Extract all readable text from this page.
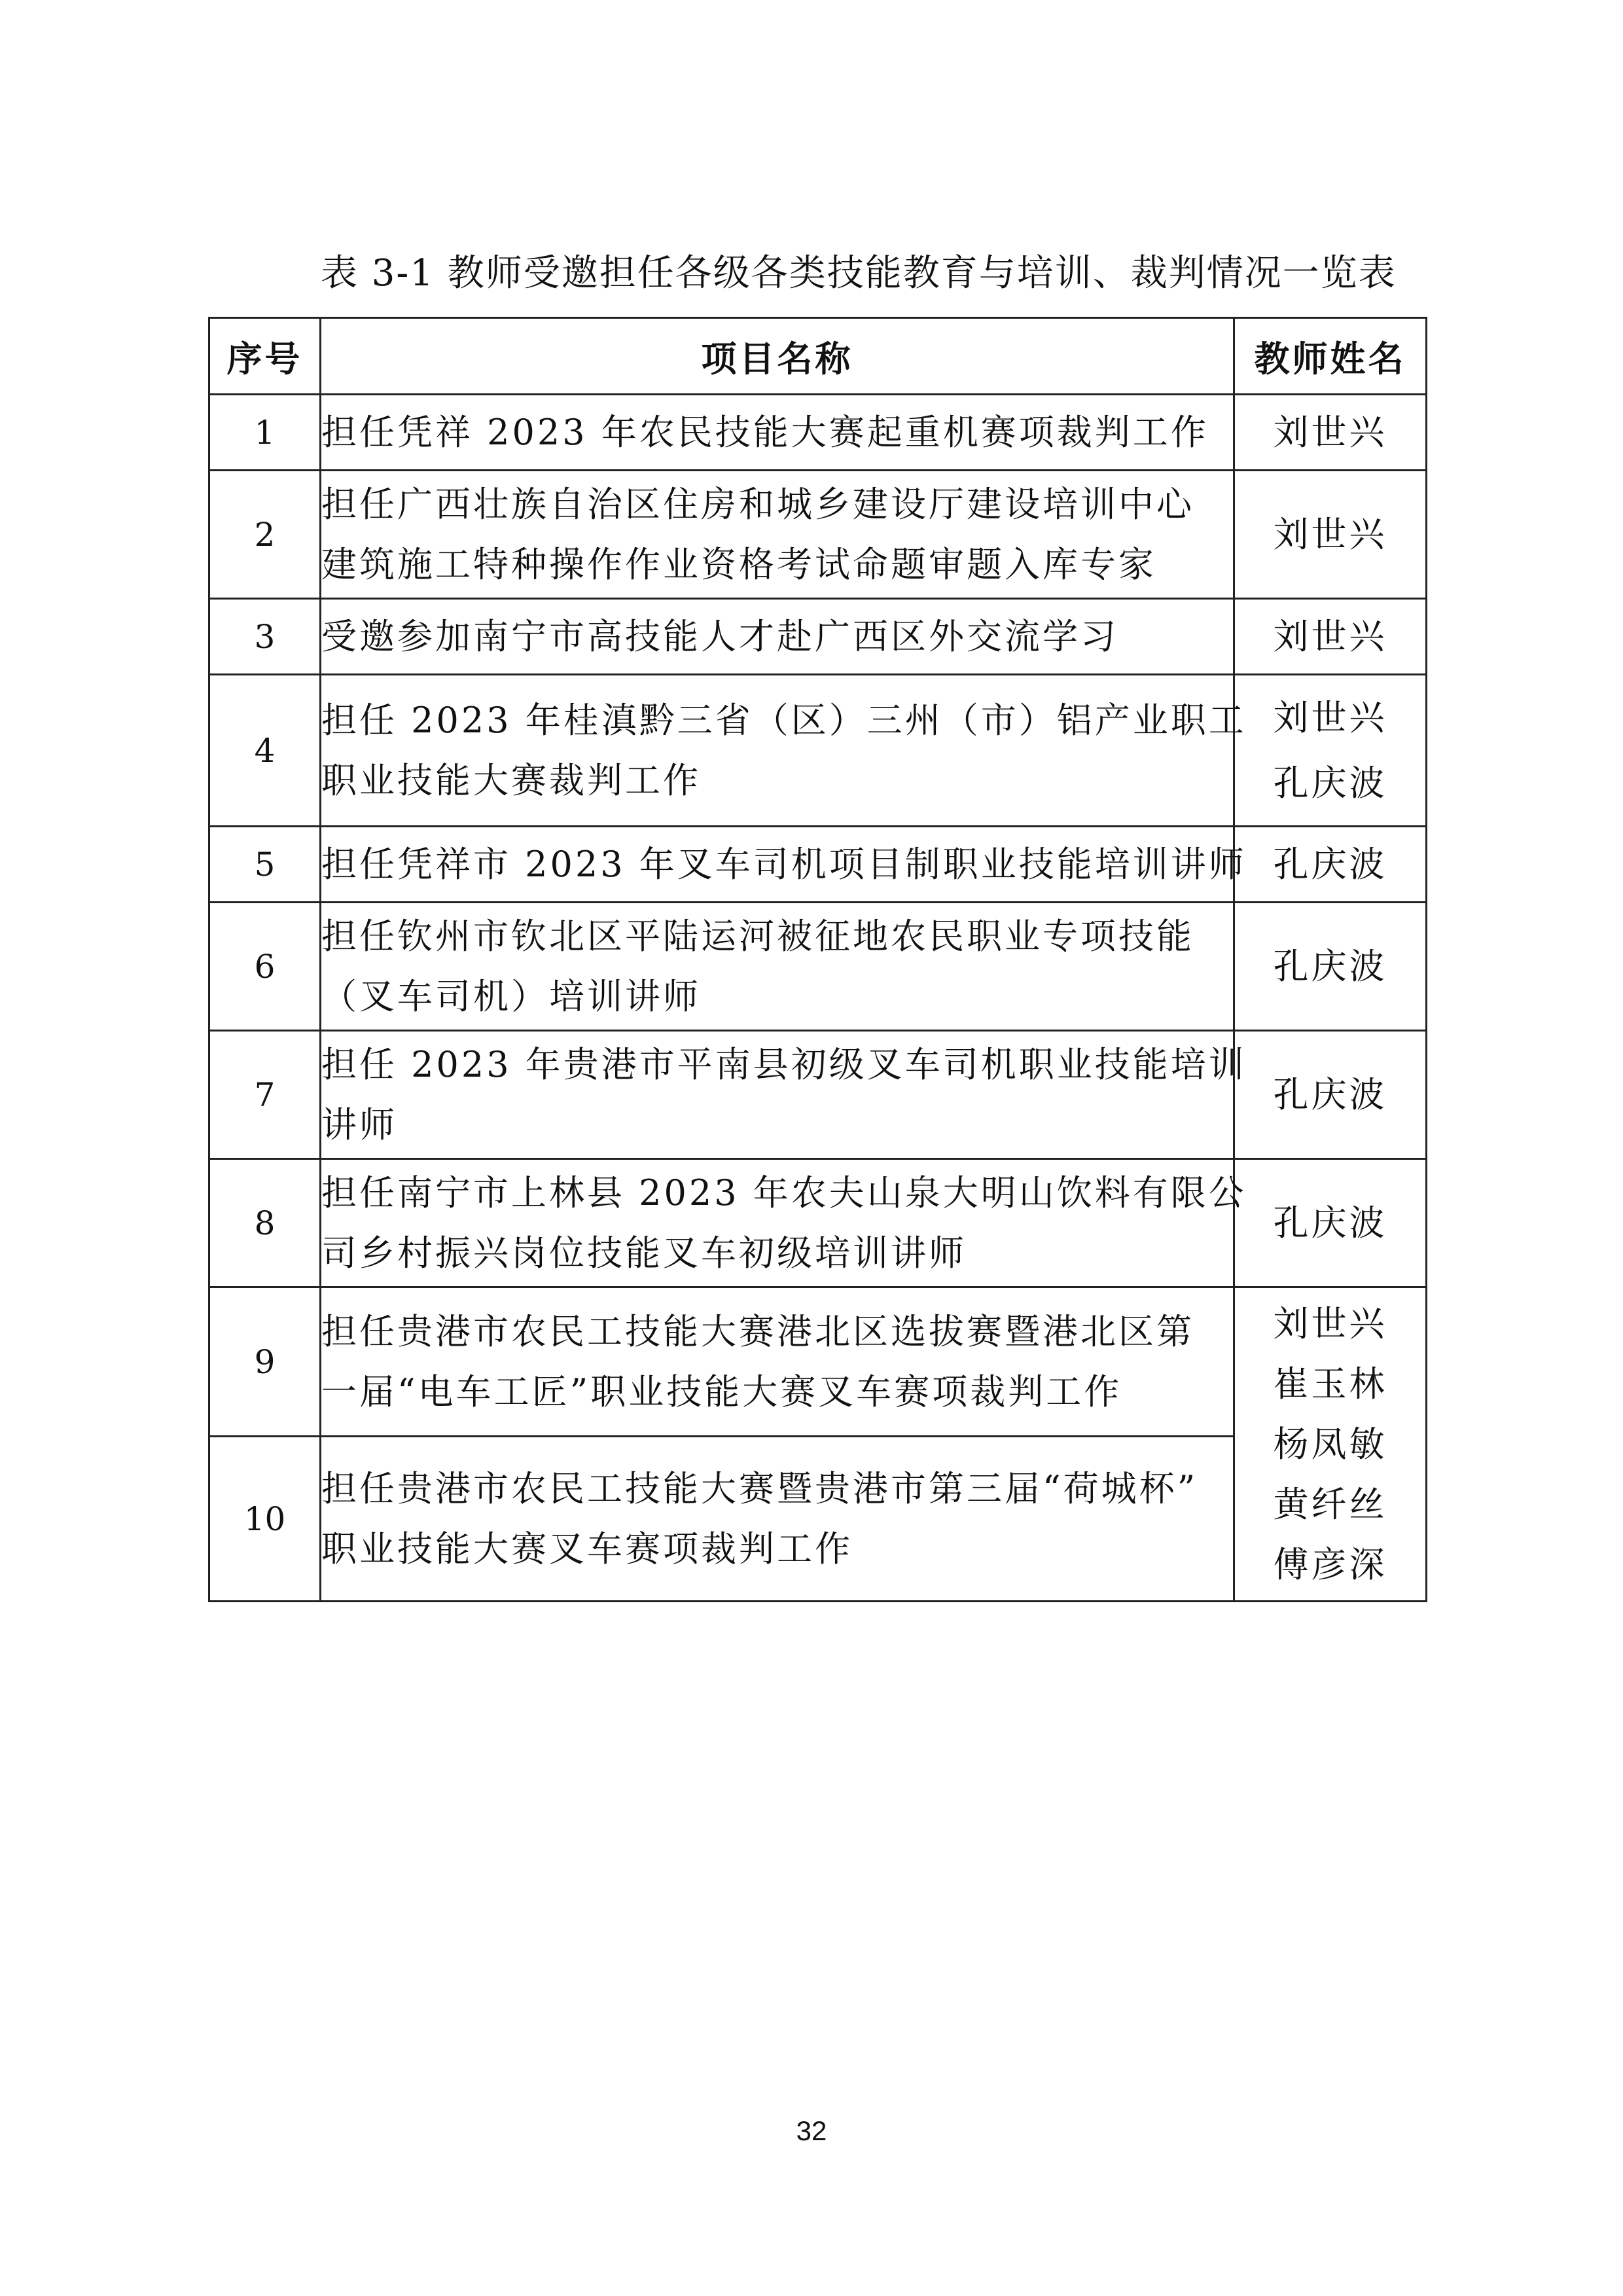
表 3-1 教师受邀担任各级各类技能教育与培训、裁判情况一览表
序号	项目名称	教师姓名
1	担任凭祥 2023 年农民技能大赛起重机赛项裁判工作	刘世兴

2	担任广西壮族自治区住房和城乡建设厅建设培训中心
建筑施工特种操作作业资格考试命题审题入库专家	刘世兴

3	受邀参加南宁市高技能人才赴广西区外交流学习	刘世兴

4	担任 2023 年桂滇黔三省（区）三州（市）铝产业职工
职业技能大赛裁判工作	刘世兴
孔庆波

5	担任凭祥市 2023 年叉车司机项目制职业技能培训讲师	孔庆波

6	担任钦州市钦北区平陆运河被征地农民职业专项技能
（叉车司机）培训讲师	孔庆波

7	担任 2023 年贵港市平南县初级叉车司机职业技能培训
讲师	孔庆波

8	担任南宁市上林县 2023 年农夫山泉大明山饮料有限公
司乡村振兴岗位技能叉车初级培训讲师	孔庆波

9	担任贵港市农民工技能大赛港北区选拔赛暨港北区第
一届“电车工匠”职业技能大赛叉车赛项裁判工作	刘世兴
崔玉林
杨凤敏
黄纤丝
傅彦深

10	担任贵港市农民工技能大赛暨贵港市第三届“荷城杯”
职业技能大赛叉车赛项裁判工作	
32
